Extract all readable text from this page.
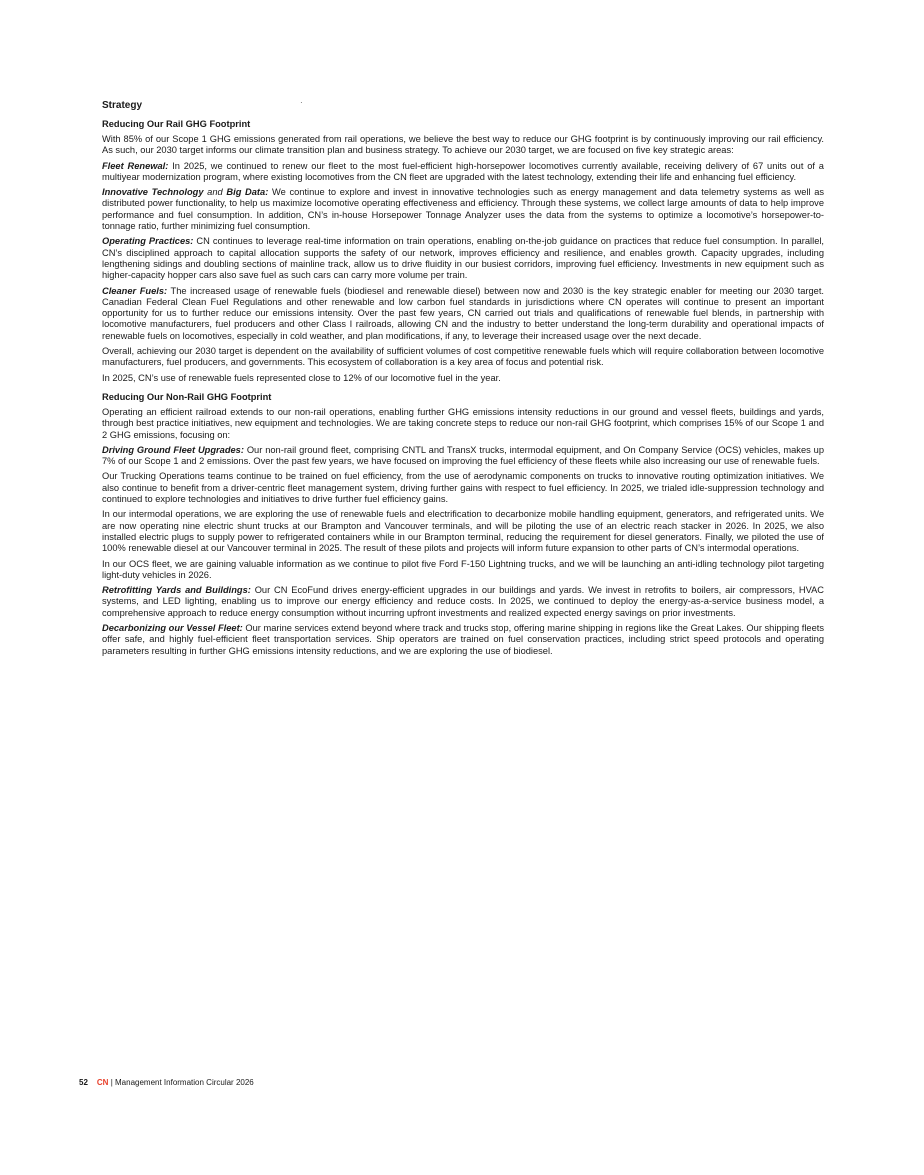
·
Strategy
Reducing Our Rail GHG Footprint

With 85% of our Scope 1 GHG emissions generated from rail operations, we believe the best way to reduce our GHG footprint is by continuously improving our rail efficiency. As such, our 2030 target informs our climate transition plan and business strategy. To achieve our 2030 target, we are focused on five key strategic areas:

Fleet Renewal: In 2025, we continued to renew our fleet to the most fuel-efficient high-horsepower locomotives currently available, receiving delivery of 67 units out of a multiyear modernization program, where existing locomotives from the CN fleet are upgraded with the latest technology, extending their life and enhancing fuel efficiency.

Innovative Technology and Big Data: We continue to explore and invest in innovative technologies such as energy management and data telemetry systems as well as distributed power functionality, to help us maximize locomotive operating effectiveness and efficiency. Through these systems, we collect large amounts of data to help improve performance and fuel consumption. In addition, CN’s in-house Horsepower Tonnage Analyzer uses the data from the systems to optimize a locomotive’s horsepower-to-tonnage ratio, further minimizing fuel consumption.

Operating Practices: CN continues to leverage real-time information on train operations, enabling on-the-job guidance on practices that reduce fuel consumption. In parallel, CN’s disciplined approach to capital allocation supports the safety of our network, improves efficiency and resilience, and enables growth. Capacity upgrades, including lengthening sidings and doubling sections of mainline track, allow us to drive fluidity in our busiest corridors, improving fuel efficiency. Investments in new equipment such as higher-capacity hopper cars also save fuel as such cars can carry more volume per train.

Cleaner Fuels: The increased usage of renewable fuels (biodiesel and renewable diesel) between now and 2030 is the key strategic enabler for meeting our 2030 target. Canadian Federal Clean Fuel Regulations and other renewable and low carbon fuel standards in jurisdictions where CN operates will continue to present an important opportunity for us to further reduce our emissions intensity. Over the past few years, CN carried out trials and qualifications of renewable fuel blends, in partnership with locomotive manufacturers, fuel producers and other Class I railroads, allowing CN and the industry to better understand the long-term durability and operational impacts of renewable fuels on locomotives, especially in cold weather, and plan modifications, if any, to leverage their increased usage over the next decade.

Overall, achieving our 2030 target is dependent on the availability of sufficient volumes of cost competitive renewable fuels which will require collaboration between locomotive manufacturers, fuel producers, and governments. This ecosystem of collaboration is a key area of focus and potential risk.

In 2025, CN’s use of renewable fuels represented close to 12% of our locomotive fuel in the year.

Reducing Our Non-Rail GHG Footprint

Operating an efficient railroad extends to our non-rail operations, enabling further GHG emissions intensity reductions in our ground and vessel fleets, buildings and yards, through best practice initiatives, new equipment and technologies. We are taking concrete steps to reduce our non-rail GHG footprint, which comprises 15% of our Scope 1 and 2 GHG emissions, focusing on:

Driving Ground Fleet Upgrades: Our non-rail ground fleet, comprising CNTL and TransX trucks, intermodal equipment, and On Company Service (OCS) vehicles, makes up 7% of our Scope 1 and 2 emissions. Over the past few years, we have focused on improving the fuel efficiency of these fleets while also increasing our use of renewable fuels.

Our Trucking Operations teams continue to be trained on fuel efficiency, from the use of aerodynamic components on trucks to innovative routing optimization initiatives. We also continue to benefit from a driver-centric fleet management system, driving further gains with respect to fuel efficiency. In 2025, we trialed idle-suppression technology and continued to explore technologies and initiatives to drive further fuel efficiency gains.

In our intermodal operations, we are exploring the use of renewable fuels and electrification to decarbonize mobile handling equipment, generators, and refrigerated units. We are now operating nine electric shunt trucks at our Brampton and Vancouver terminals, and will be piloting the use of an electric reach stacker in 2026. In 2025, we also installed electric plugs to supply power to refrigerated containers while in our Brampton terminal, reducing the requirement for diesel generators. Finally, we piloted the use of 100% renewable diesel at our Vancouver terminal in 2025. The result of these pilots and projects will inform future expansion to other parts of CN’s intermodal operations.

In our OCS fleet, we are gaining valuable information as we continue to pilot five Ford F-150 Lightning trucks, and we will be launching an anti-idling technology pilot targeting light-duty vehicles in 2026.

Retrofitting Yards and Buildings: Our CN EcoFund drives energy-efficient upgrades in our buildings and yards. We invest in retrofits to boilers, air compressors, HVAC systems, and LED lighting, enabling us to improve our energy efficiency and reduce costs. In 2025, we continued to deploy the energy-as-a-service business model, a comprehensive approach to reduce energy consumption without incurring upfront investments and realized expected energy savings on prior investments.

Decarbonizing our Vessel Fleet: Our marine services extend beyond where track and trucks stop, offering marine shipping in regions like the Great Lakes. Our shipping fleets offer safe, and highly fuel-efficient fleet transportation services. Ship operators are trained on fuel conservation practices, including strict speed protocols and operating parameters resulting in further GHG emissions intensity reductions, and we are exploring the use of biodiesel.

52 CN | Management Information Circular 2026
